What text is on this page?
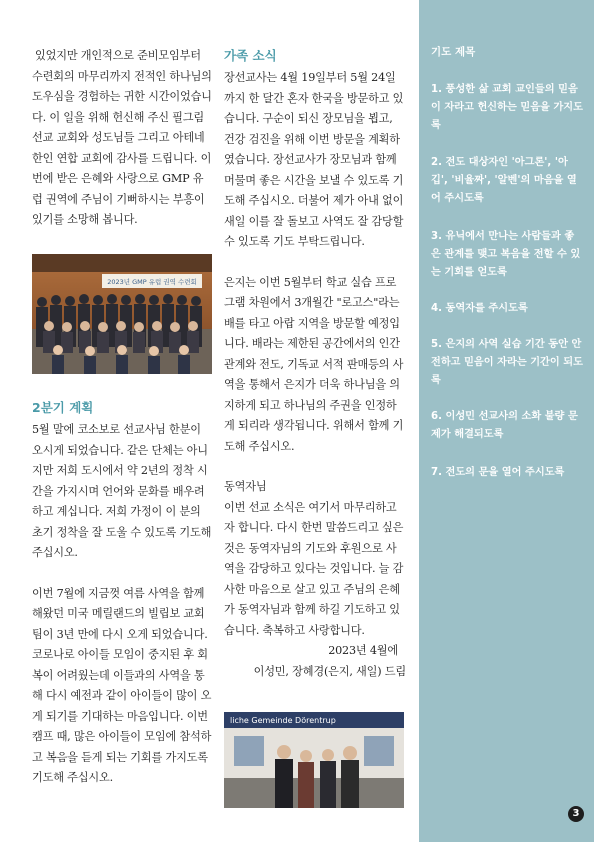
있었지만 개인적으로 준비모임부터 수련회의 마무리까지 전적인 하나님의 도우심을 경험하는 귀한 시간이었습니다. 이 일을 위해 헌신해 주신 필그림 선교 교회와 성도님들 그리고 아테네 한인 연합 교회에 감사를 드립니다. 이번에 받은 은혜와 사랑으로 GMP 유럽 권역에 주님이 기뻐하시는 부흥이 있기를 소망해 봅니다.

2023년 GMP 유럽 권역 수련회
2분기 계획

5월 말에 코소보로 선교사님 한분이 오시게 되었습니다. 같은 단체는 아니지만 저희 도시에서 약 2년의 정착 시간을 가지시며 언어와 문화를 배우려 하고 계십니다. 저희 가정이 이 분의 초기 정착을 잘 도울 수 있도록 기도해 주십시오.

이번 7월에 지금껏 여름 사역을 함께 해왔던 미국 메릴랜드의 빌립보 교회 팀이 3년 만에 다시 오게 되었습니다. 코로나로 아이들 모임이 중지된 후 회복이 어려웠는데 이들과의 사역을 통해 다시 예전과 같이 아이들이 많이 오게 되기를 기대하는 마음입니다. 이번 캠프 때, 많은 아이들이 모임에 참석하고 복음을 듣게 되는 기회를 가지도록 기도해 주십시오.

가족 소식

장선교사는 4월 19일부터 5월 24일까지 한 달간 혼자 한국을 방문하고 있습니다. 구순이 되신 장모님을 뵙고, 건강 검진을 위해 이번 방문을 계획하였습니다. 장선교사가 장모님과 함께 머물며 좋은 시간을 보낼 수 있도록 기도해 주십시오. 더불어 제가 아내 없이 새일 이를 잘 돌보고 사역도 잘 감당할 수 있도록 기도 부탁드립니다.

은지는 이번 5월부터 학교 실습 프로그램 차원에서 3개월간 "로고스"라는 배를 타고 아랍 지역을 방문할 예정입니다. 배라는 제한된 공간에서의 인간관계와 전도, 기독교 서적 판매등의 사역을 통해서 은지가 더욱 하나님을 의지하게 되고 하나님의 주권을 인정하게 되리라 생각됩니다. 위해서 함께 기도해 주십시오.

동역자님

이번 선교 소식은 여기서 마무리하고자 합니다. 다시 한번 말씀드리고 싶은 것은 동역자님의 기도와 후원으로 사역을 감당하고 있다는 것입니다. 늘 감사한 마음으로 살고 있고 주님의 은혜가 동역자님과 함께 하길 기도하고 있습니다. 축복하고 사랑합니다.

2023년 4월에

이성민, 장혜경(은지, 새일) 드림

liche Gemeinde Dörentrup
기도 제목
1. 풍성한 삶 교회 교인들의 믿음이 자라고 헌신하는 믿음을 가지도록
2. 전도 대상자인 '아그론', '아깁', '비율짜', '알벤'의 마음을 열어 주시도록
3. 유닉에서 만나는 사람들과 좋은 관계를 맺고 복음을 전할 수 있는 기회를 얻도록
4. 동역자를 주시도록
5. 은지의 사역 실습 기간 동안 안전하고 믿음이 자라는 기간이 되도록
6. 이성민 선교사의 소화 불량 문제가 해결되도록
7. 전도의 문을 열어 주시도록
3
